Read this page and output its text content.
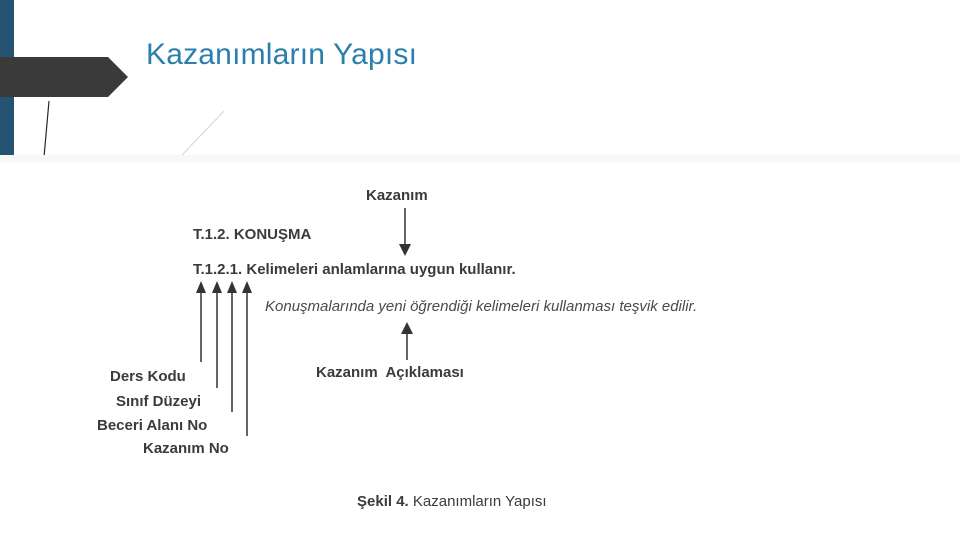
Kazanımların Yapısı
Kazanım
T.1.2. KONUŞMA
T.1.2.1. Kelimeleri anlamlarına uygun kullanır.
Konuşmalarında yeni öğrendiği kelimeleri kullanması teşvik edilir.
Kazanım  Açıklaması
Ders Kodu
Sınıf Düzeyi
Beceri Alanı No
Kazanım No
Şekil 4. Kazanımların Yapısı
